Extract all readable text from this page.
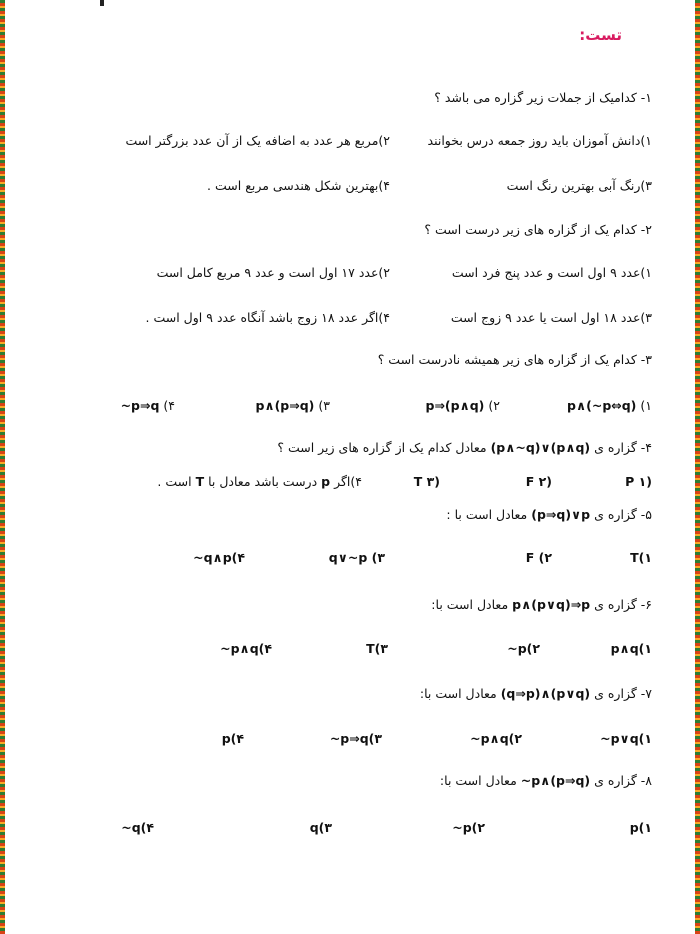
تست:
۱- کدامیک از جملات زیر گزاره می باشد ؟
۱)دانش آموزان باید روز جمعه درس بخوانند
۲)مربع هر عدد به اضافه یک از آن عدد بزرگتر است
۳)رنگ آبی بهترین رنگ است
۴)بهترین شکل هندسی مربع است .
۲- کدام یک از گزاره های زیر درست است ؟
۱)عدد ۹ اول است و عدد پنج فرد است
۲)عدد ۱۷ اول است و عدد ۹ مربع کامل است
۳)عدد ۱۸ اول است یا عدد ۹ زوج است
۴)اگر عدد ۱۸ زوج باشد آنگاه عدد ۹ اول است .
۳- کدام یک از گزاره های زیر همیشه نادرست است ؟
۱) p∧(~p⇔q)
۲) p⇒(p∧q)
۳) p∧(p⇒q)
۴) ~p⇒q
۴- گزاره ی (p∧~q)∨(p∧q) معادل کدام یک از گزاره های زیر است ؟
P ۱)
F ۲)
T ۳)
۴)اگر p درست باشد معادل با T است .
۵- گزاره ی (p⇒q)∨p معادل است با :
T(۱
F (۲
q∨~p (۳
~q∧p(۴
۶- گزاره ی p∧(p∨q)⇒p معادل است با:
p∧q(۱
~p(۲
T(۳
~p∧q(۴
۷- گزاره ی (q⇒p)∧(p∨q) معادل است با:
~p∨q(۱
~p∧q(۲
~p⇒q(۳
p(۴
۸- گزاره ی ~p∧(p⇒q) معادل است با:
p(۱
~p(۲
q(۳
~q(۴
